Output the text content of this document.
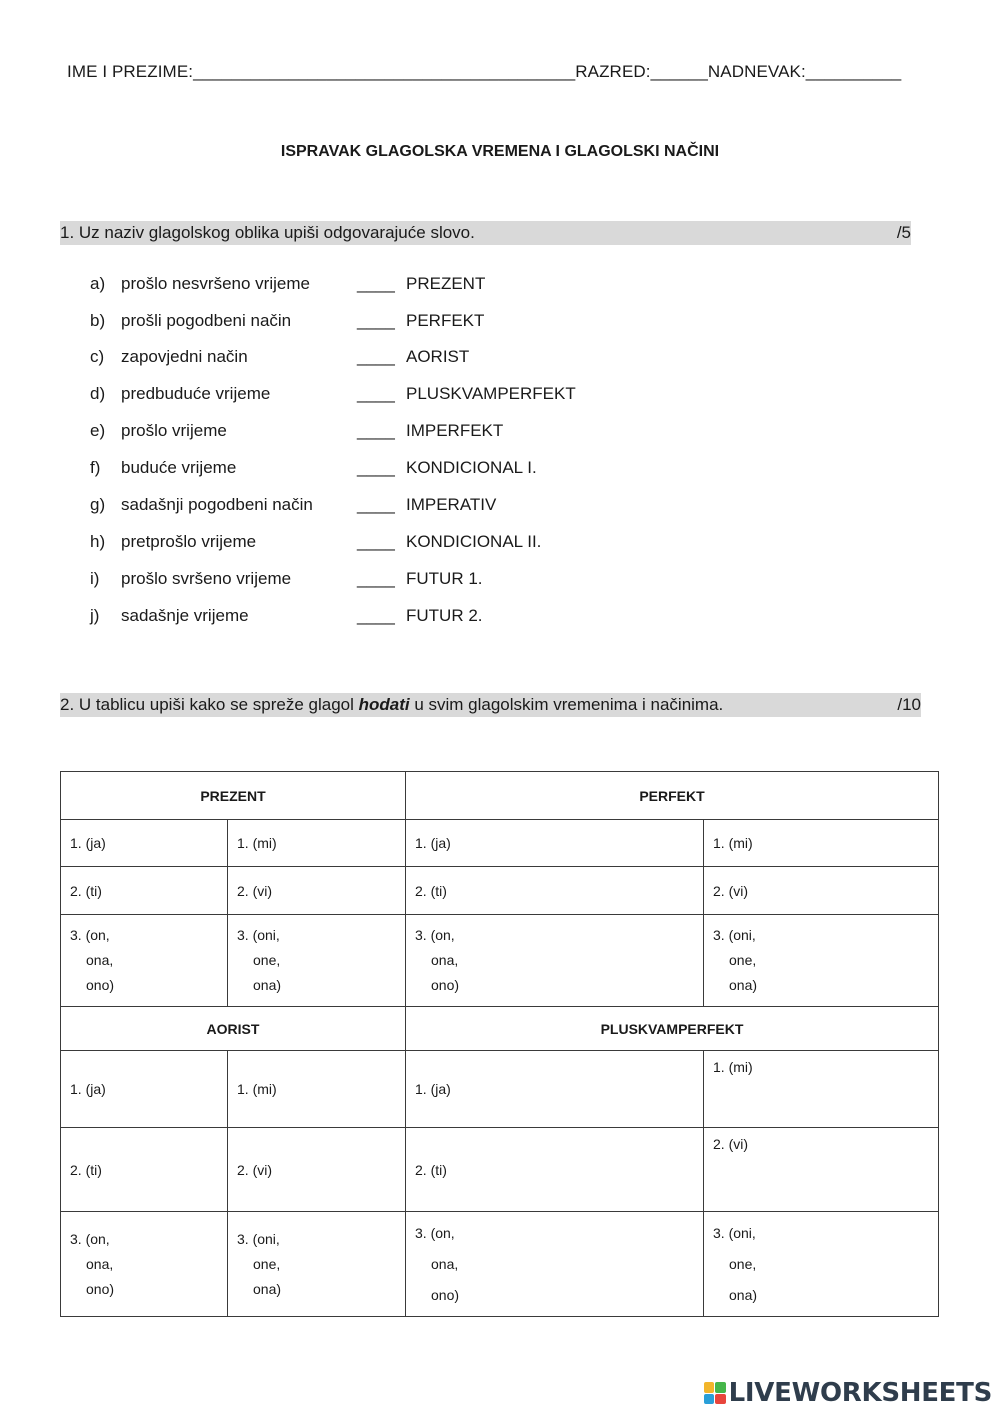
IME I PREZIME:________________________________________RAZRED:______NADNEVAK:__________
ISPRAVAK GLAGOLSKA VREMENA I GLAGOLSKI NAČINI
1. Uz naziv glagolskog oblika upiši odgovarajuće slovo.	/5
a) prošlo nesvršeno vrijeme	____ PREZENT
b) prošli pogodbeni način	____ PERFEKT
c) zapovjedni način	____ AORIST
d) predbuduće vrijeme	____ PLUSKVAMPERFEKT
e) prošlo vrijeme	____ IMPERFEKT
f) buduće vrijeme	____ KONDICIONAL I.
g) sadašnji pogodbeni način	____ IMPERATIV
h) pretprošlo vrijeme	____ KONDICIONAL II.
i) prošlo svršeno vrijeme	____ FUTUR 1.
j) sadašnje vrijeme	____ FUTUR 2.
2. U tablicu upiši kako se spreže glagol hodati u svim glagolskim vremenima i načinima.	/10
PREZENT		PERFEKT	
1. (ja)	1. (mi)	1. (ja)	1. (mi)
2. (ti)	2. (vi)	2. (ti)	2. (vi)

3. (on,
ona,
ono)	3. (oni,
one,
ona)	3. (on,
ona,
ono)	3. (oni,
one,
ona)

AORIST		PLUSKVAMPERFEKT	
1. (ja)	1. (mi)	1. (ja)	1. (mi)
2. (ti)	2. (vi)	2. (ti)	2. (vi)

3. (on,
ona,
ono)	3. (oni,
one,
ona)	3. (on,
ona,
ono)	3. (oni,
one,
ona)
LIVEWORKSHEETS
